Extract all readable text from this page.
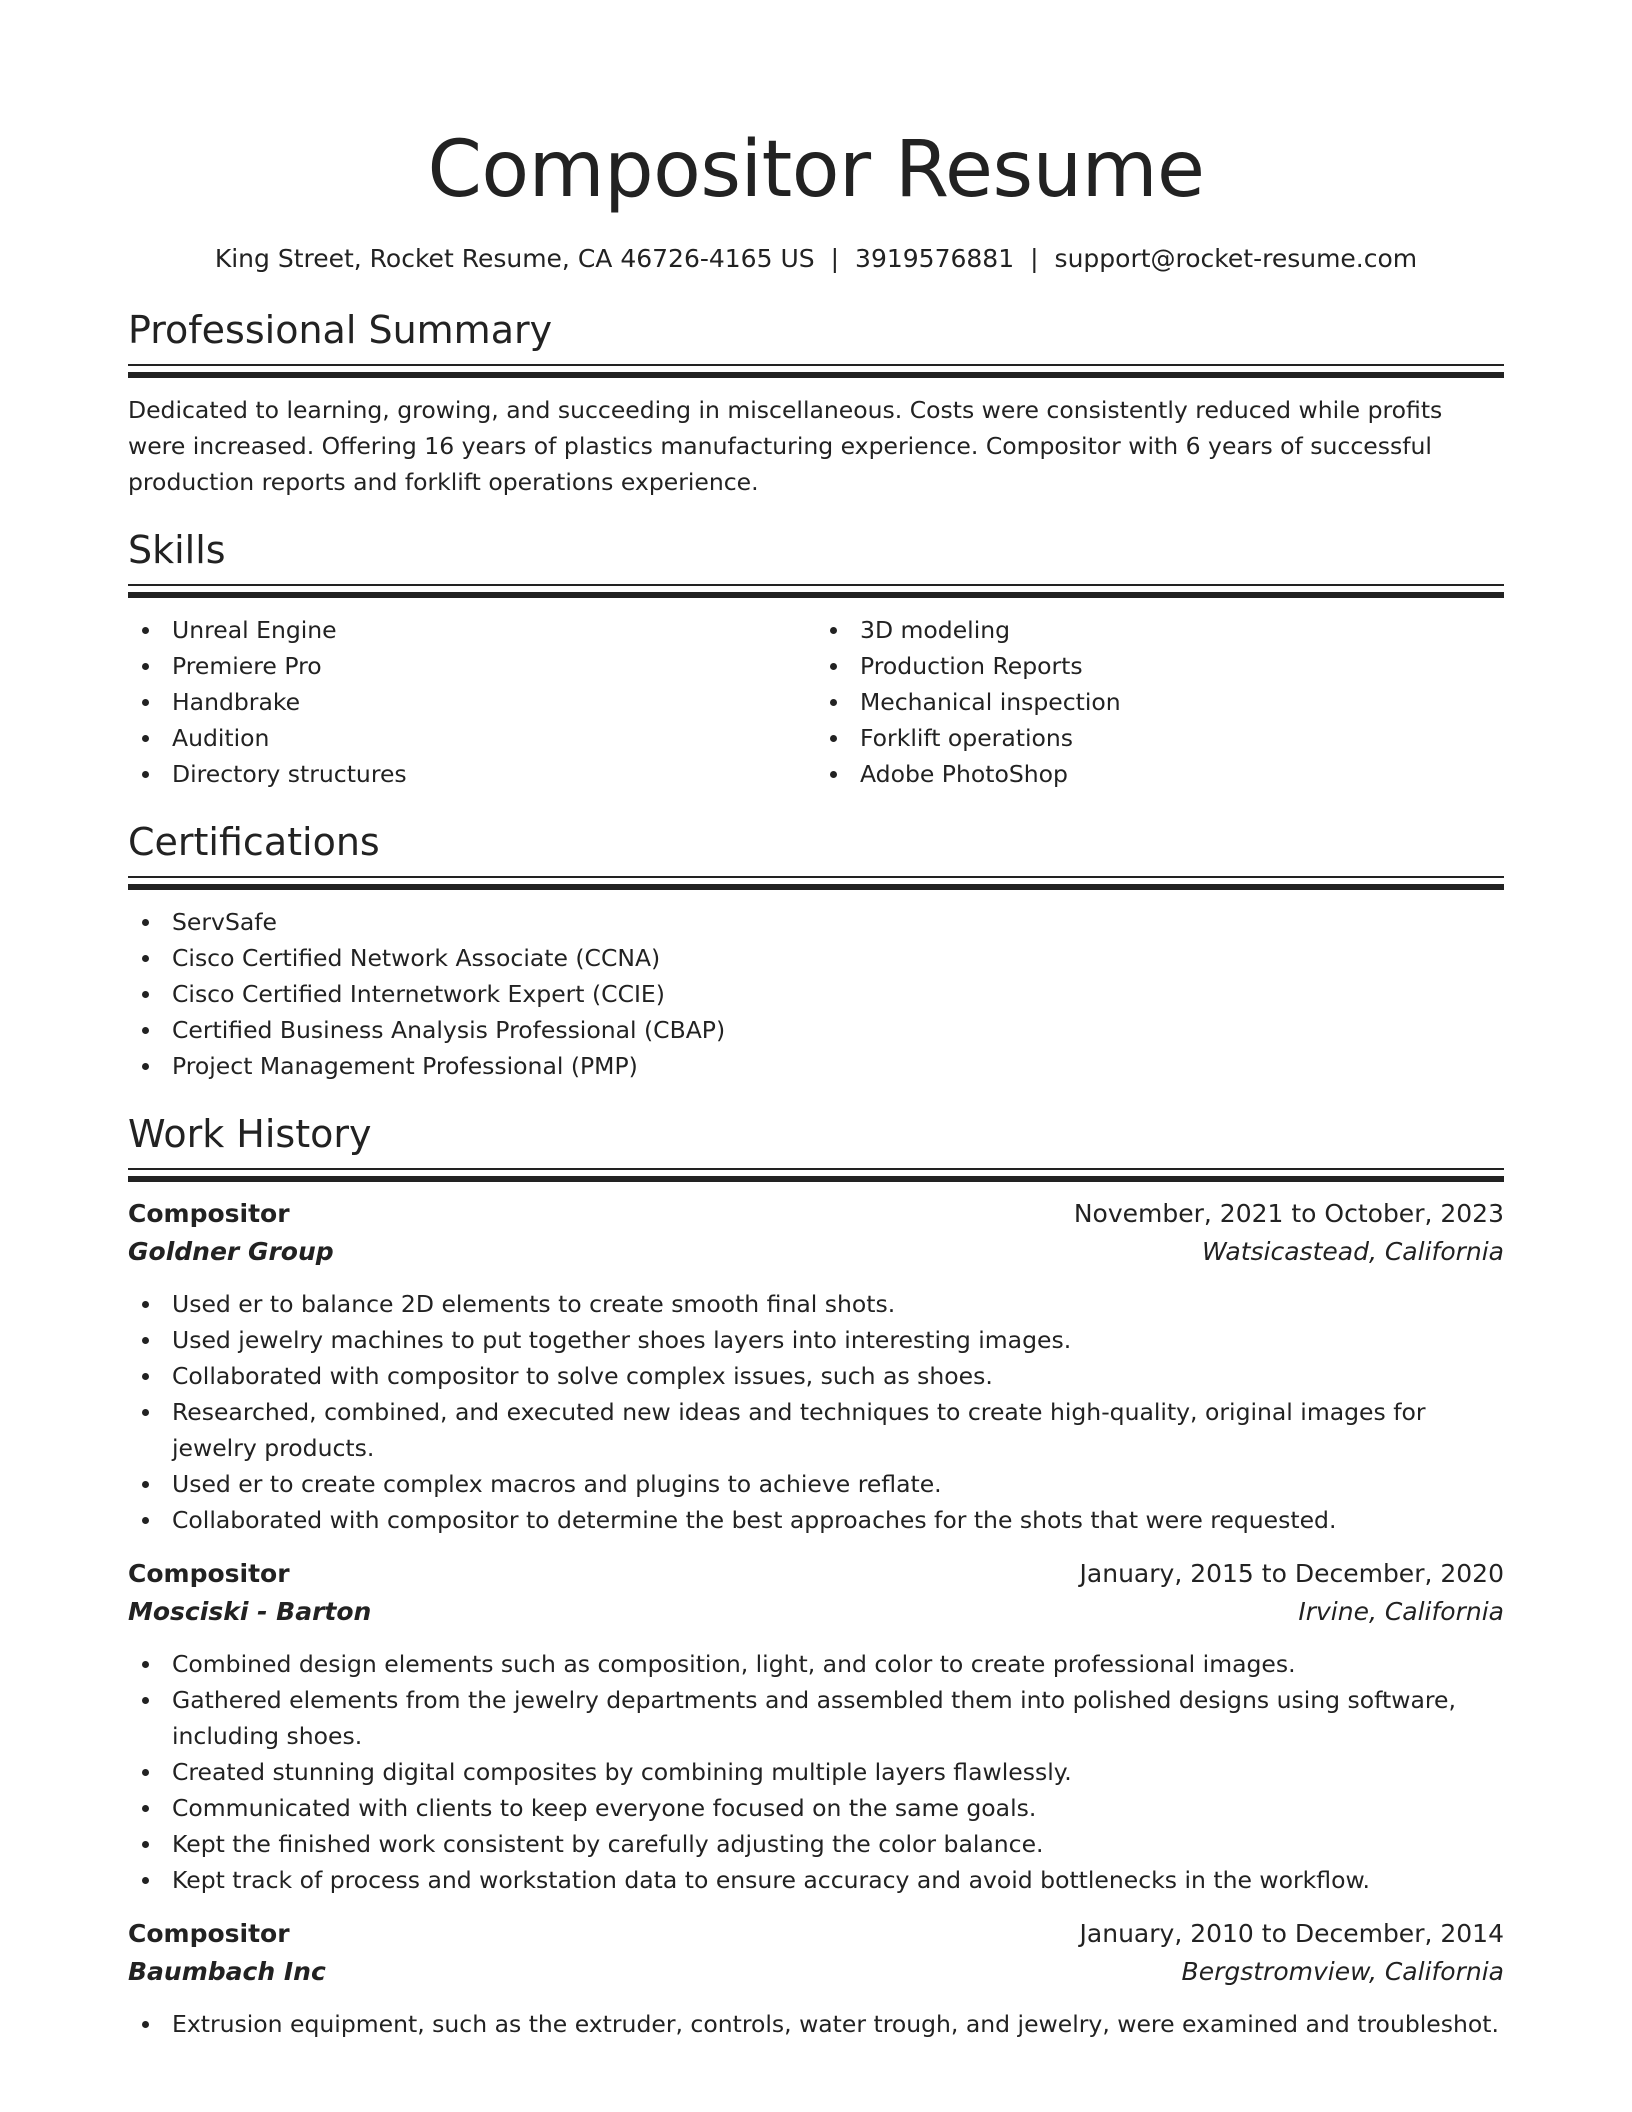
Compositor Resume
King Street, Rocket Resume, CA 46726-4165 US | 3919576881 | support@rocket-resume.com
Professional Summary

Dedicated to learning, growing, and succeeding in miscellaneous. Costs were consistently reduced while profits were increased. Offering 16 years of plastics manufacturing experience. Compositor with 6 years of successful production reports and forklift operations experience.

Skills
Unreal Engine
Premiere Pro
Handbrake
Audition
Directory structures
3D modeling
Production Reports
Mechanical inspection
Forklift operations
Adobe PhotoShop
Certifications
ServSafe
Cisco Certified Network Associate (CCNA)
Cisco Certified Internetwork Expert (CCIE)
Certified Business Analysis Professional (CBAP)
Project Management Professional (PMP)
Work History
Compositor	November, 2021 to October, 2023
Goldner Group	Watsicastead, California
Used er to balance 2D elements to create smooth final shots.
Used jewelry machines to put together shoes layers into interesting images.
Collaborated with compositor to solve complex issues, such as shoes.
Researched, combined, and executed new ideas and techniques to create high-quality, original images for jewelry products.
Used er to create complex macros and plugins to achieve reflate.
Collaborated with compositor to determine the best approaches for the shots that were requested.
Compositor	January, 2015 to December, 2020
Mosciski - Barton	Irvine, California
Combined design elements such as composition, light, and color to create professional images.
Gathered elements from the jewelry departments and assembled them into polished designs using software, including shoes.
Created stunning digital composites by combining multiple layers flawlessly.
Communicated with clients to keep everyone focused on the same goals.
Kept the finished work consistent by carefully adjusting the color balance.
Kept track of process and workstation data to ensure accuracy and avoid bottlenecks in the workflow.
Compositor	January, 2010 to December, 2014
Baumbach Inc	Bergstromview, California
Extrusion equipment, such as the extruder, controls, water trough, and jewelry, were examined and troubleshot.
